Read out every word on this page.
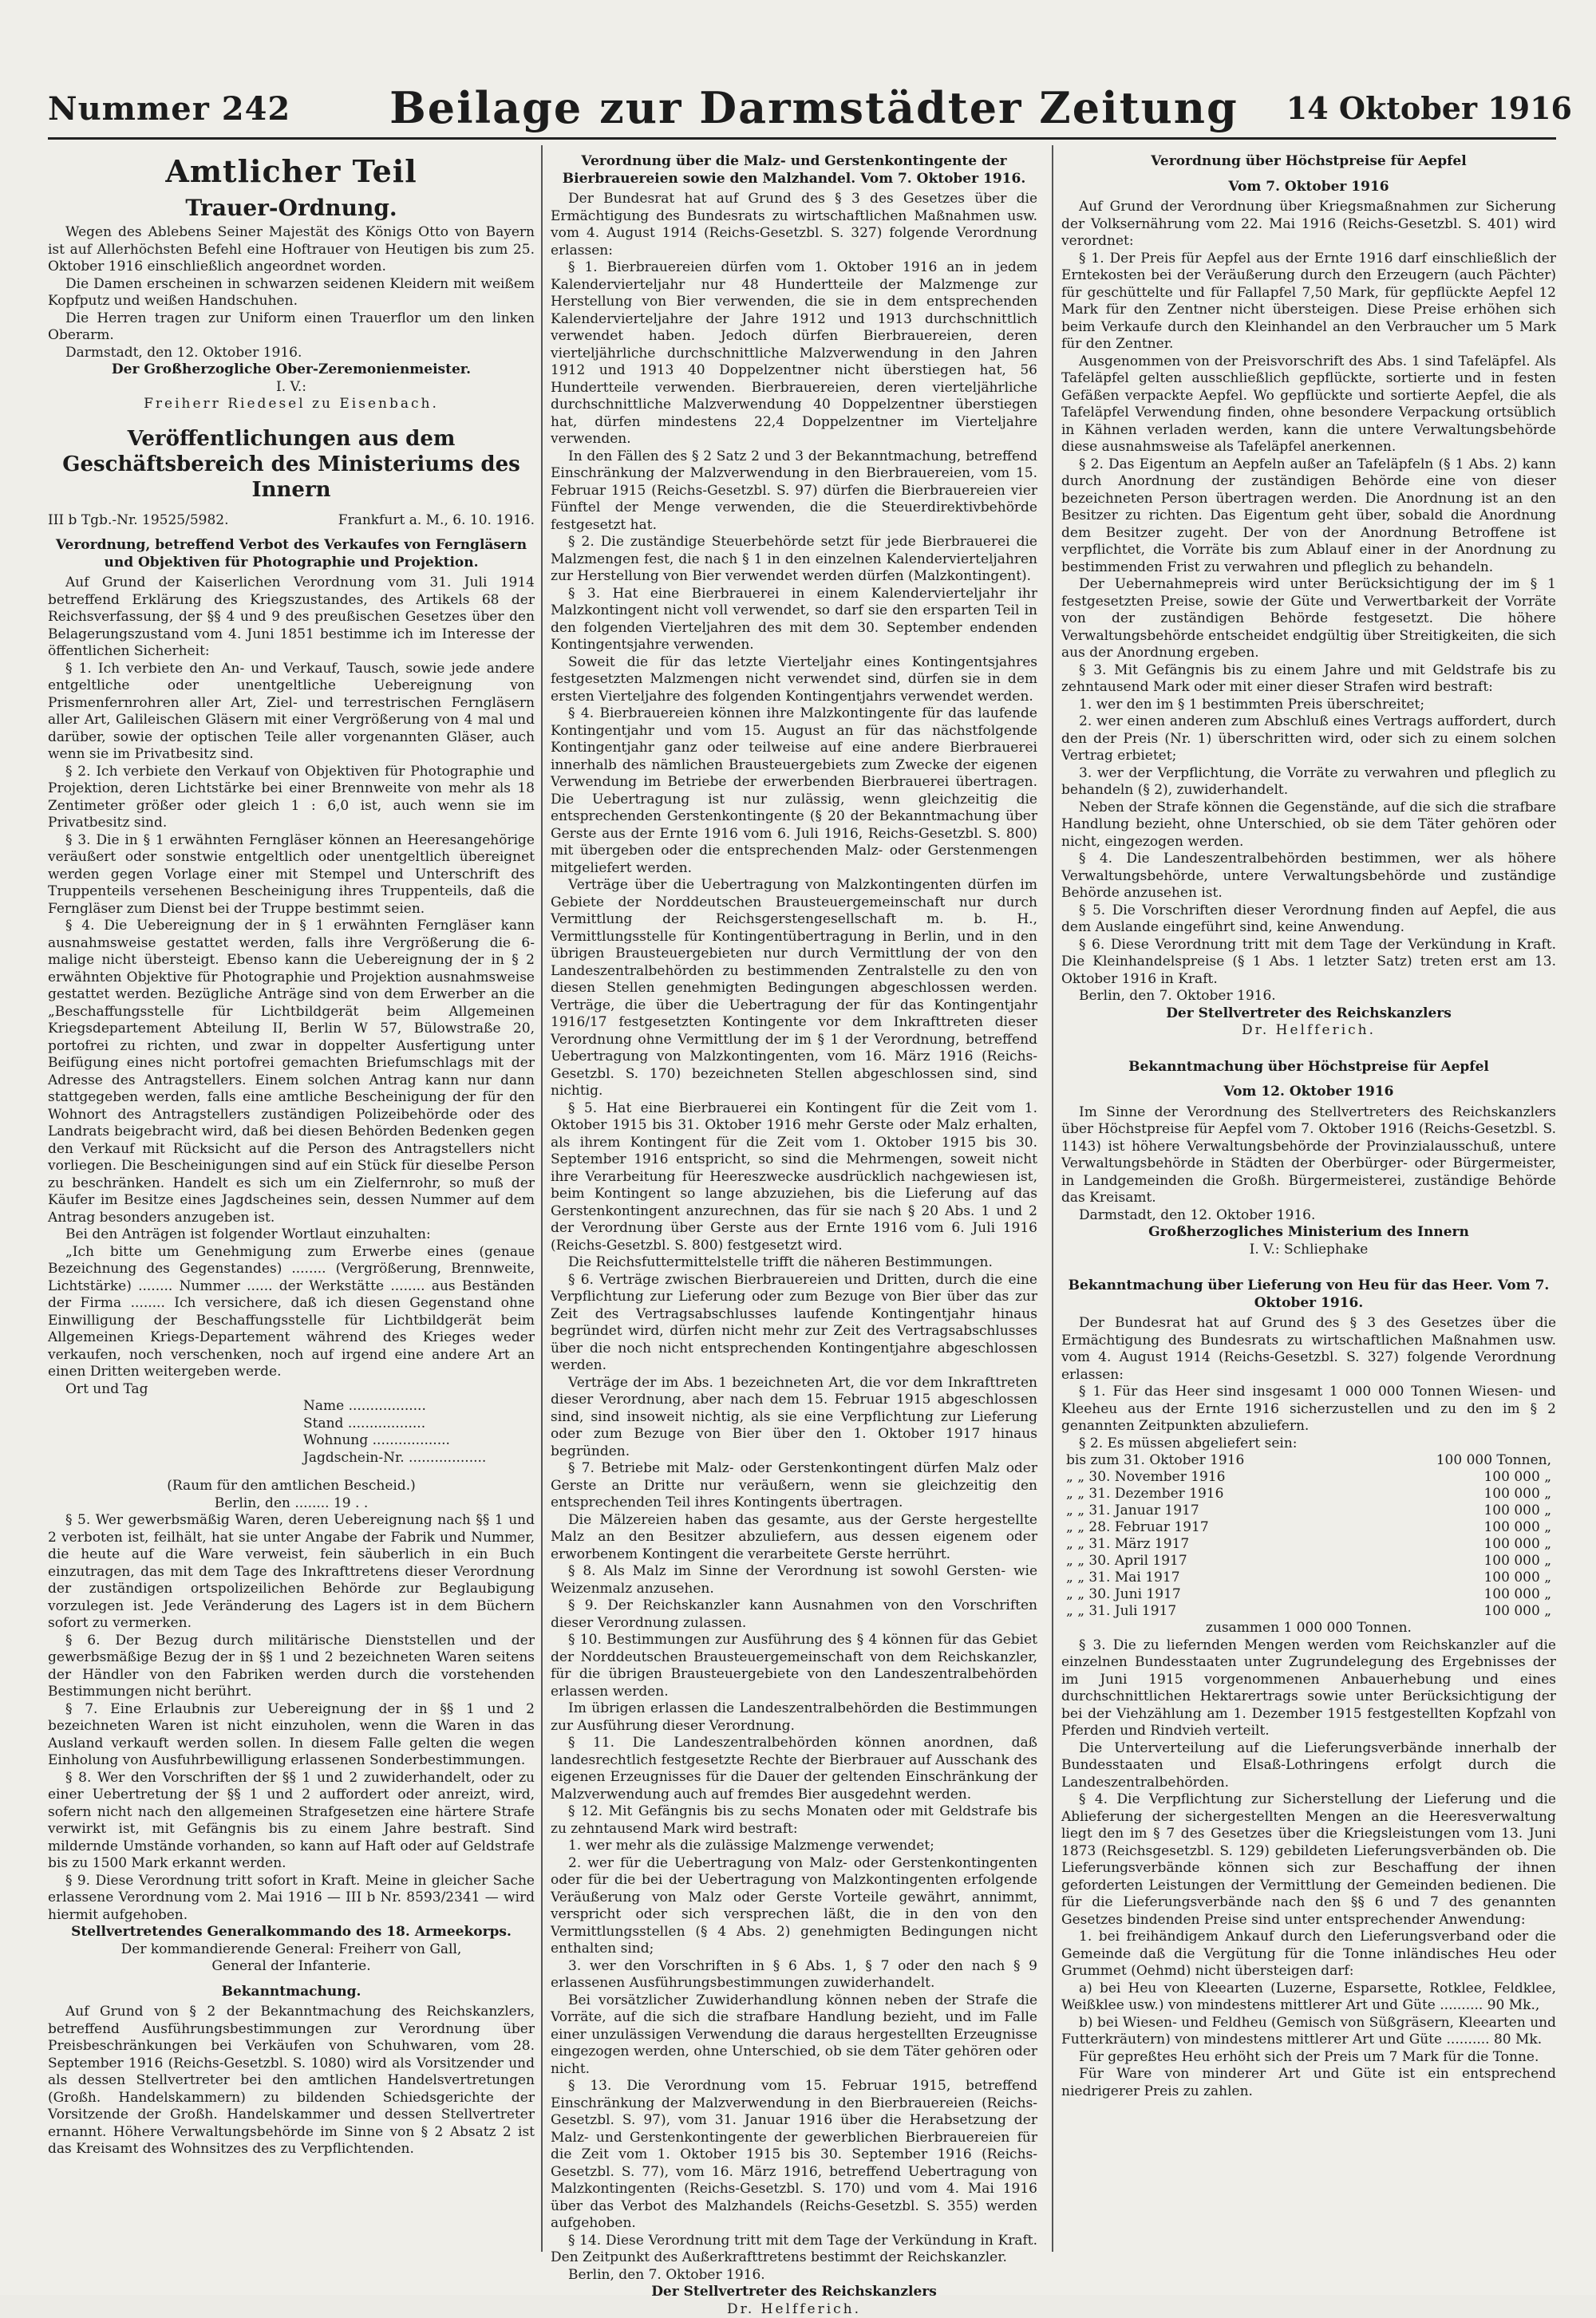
Nummer 242	Beilage zur Darmstädter Zeitung	14 Oktober 1916
Amtlicher Teil
Trauer-Ordnung.

Wegen des Ablebens Seiner Majestät des Königs Otto von Bayern ist auf Allerhöchsten Befehl eine Hoftrauer von Heutigen bis zum 25. Oktober 1916 einschließlich angeordnet worden.

Die Damen erscheinen in schwarzen seidenen Kleidern mit weißem Kopfputz und weißen Handschuhen.

Die Herren tragen zur Uniform einen Trauerflor um den linken Oberarm.

Darmstadt, den 12. Oktober 1916.

Der Großherzogliche Ober-Zeremonienmeister.

I. V.:

Freiherr Riedesel zu Eisenbach.

Veröffentlichungen aus dem Geschäftsbereich des Ministeriums des Innern
III b Tgb.-Nr. 19525/5982.	Frankfurt a. M., 6. 10. 1916.

Verordnung, betreffend Verbot des Verkaufes von Ferngläsern und Objektiven für Photographie und Projektion.

Auf Grund der Kaiserlichen Verordnung vom 31. Juli 1914 betreffend Erklärung des Kriegszustandes, des Artikels 68 der Reichsverfassung, der §§ 4 und 9 des preußischen Gesetzes über den Belagerungszustand vom 4. Juni 1851 bestimme ich im Interesse der öffentlichen Sicherheit:

§ 1. Ich verbiete den An- und Verkauf, Tausch, sowie jede andere entgeltliche oder unentgeltliche Uebereignung von Prismenfernrohren aller Art, Ziel- und terrestrischen Ferngläsern aller Art, Galileischen Gläsern mit einer Vergrößerung von 4 mal und darüber, sowie der optischen Teile aller vorgenannten Gläser, auch wenn sie im Privatbesitz sind.

§ 2. Ich verbiete den Verkauf von Objektiven für Photographie und Projektion, deren Lichtstärke bei einer Brennweite von mehr als 18 Zentimeter größer oder gleich 1 : 6,0 ist, auch wenn sie im Privatbesitz sind.

§ 3. Die in § 1 erwähnten Ferngläser können an Heeresangehörige veräußert oder sonstwie entgeltlich oder unentgeltlich übereignet werden gegen Vorlage einer mit Stempel und Unterschrift des Truppenteils versehenen Bescheinigung ihres Truppenteils, daß die Ferngläser zum Dienst bei der Truppe bestimmt seien.

§ 4. Die Uebereignung der in § 1 erwähnten Ferngläser kann ausnahmsweise gestattet werden, falls ihre Vergrößerung die 6-malige nicht übersteigt. Ebenso kann die Uebereignung der in § 2 erwähnten Objektive für Photographie und Projektion ausnahmsweise gestattet werden. Bezügliche Anträge sind von dem Erwerber an die „Beschaffungsstelle für Lichtbildgerät beim Allgemeinen Kriegsdepartement Abteilung II, Berlin W 57, Bülowstraße 20, portofrei zu richten, und zwar in doppelter Ausfertigung unter Beifügung eines nicht portofrei gemachten Briefumschlags mit der Adresse des Antragstellers. Einem solchen Antrag kann nur dann stattgegeben werden, falls eine amtliche Bescheinigung der für den Wohnort des Antragstellers zuständigen Polizeibehörde oder des Landrats beigebracht wird, daß bei diesen Behörden Bedenken gegen den Verkauf mit Rücksicht auf die Person des Antragstellers nicht vorliegen. Die Bescheinigungen sind auf ein Stück für dieselbe Person zu beschränken. Handelt es sich um ein Zielfernrohr, so muß der Käufer im Besitze eines Jagdscheines sein, dessen Nummer auf dem Antrag besonders anzugeben ist.

Bei den Anträgen ist folgender Wortlaut einzuhalten:

„Ich bitte um Genehmigung zum Erwerbe eines (genaue Bezeichnung des Gegenstandes) ........ (Vergrößerung, Brennweite, Lichtstärke) ........ Nummer ...... der Werkstätte ........ aus Beständen der Firma ........ Ich versichere, daß ich diesen Gegenstand ohne Einwilligung der Beschaffungsstelle für Lichtbildgerät beim Allgemeinen Kriegs-Departement während des Krieges weder verkaufen, noch verschenken, noch auf irgend eine andere Art an einen Dritten weitergeben werde.

Ort und Tag

Name ..................

Stand ..................

Wohnung ..................

Jagdschein-Nr. ..................

(Raum für den amtlichen Bescheid.)

Berlin, den ........ 19 . .

§ 5. Wer gewerbsmäßig Waren, deren Uebereignung nach §§ 1 und 2 verboten ist, feilhält, hat sie unter Angabe der Fabrik und Nummer, die heute auf die Ware verweist, fein säuberlich in ein Buch einzutragen, das mit dem Tage des Inkrafttretens dieser Verordnung der zuständigen ortspolizeilichen Behörde zur Beglaubigung vorzulegen ist. Jede Veränderung des Lagers ist in dem Büchern sofort zu vermerken.

§ 6. Der Bezug durch militärische Dienststellen und der gewerbsmäßige Bezug der in §§ 1 und 2 bezeichneten Waren seitens der Händler von den Fabriken werden durch die vorstehenden Bestimmungen nicht berührt.

§ 7. Eine Erlaubnis zur Uebereignung der in §§ 1 und 2 bezeichneten Waren ist nicht einzuholen, wenn die Waren in das Ausland verkauft werden sollen. In diesem Falle gelten die wegen Einholung von Ausfuhrbewilligung erlassenen Sonderbestimmungen.

§ 8. Wer den Vorschriften der §§ 1 und 2 zuwiderhandelt, oder zu einer Uebertretung der §§ 1 und 2 auffordert oder anreizt, wird, sofern nicht nach den allgemeinen Strafgesetzen eine härtere Strafe verwirkt ist, mit Gefängnis bis zu einem Jahre bestraft. Sind mildernde Umstände vorhanden, so kann auf Haft oder auf Geldstrafe bis zu 1500 Mark erkannt werden.

§ 9. Diese Verordnung tritt sofort in Kraft. Meine in gleicher Sache erlassene Verordnung vom 2. Mai 1916 — III b Nr. 8593/2341 — wird hiermit aufgehoben.

Stellvertretendes Generalkommando des 18. Armeekorps.

Der kommandierende General: Freiherr von Gall,

General der Infanterie.

Bekanntmachung.

Auf Grund von § 2 der Bekanntmachung des Reichskanzlers, betreffend Ausführungsbestimmungen zur Verordnung über Preisbeschränkungen bei Verkäufen von Schuhwaren, vom 28. September 1916 (Reichs-Gesetzbl. S. 1080) wird als Vorsitzender und als dessen Stellvertreter bei den amtlichen Handelsvertretungen (Großh. Handelskammern) zu bildenden Schiedsgerichte der Vorsitzende der Großh. Handelskammer und dessen Stellvertreter ernannt. Höhere Verwaltungsbehörde im Sinne von § 2 Absatz 2 ist das Kreisamt des Wohnsitzes des zu Verpflichtenden.

Verordnung über die Malz- und Gerstenkontingente der Bierbrauereien sowie den Malzhandel. Vom 7. Oktober 1916.

Der Bundesrat hat auf Grund des § 3 des Gesetzes über die Ermächtigung des Bundesrats zu wirtschaftlichen Maßnahmen usw. vom 4. August 1914 (Reichs-Gesetzbl. S. 327) folgende Verordnung erlassen:

§ 1. Bierbrauereien dürfen vom 1. Oktober 1916 an in jedem Kalendervierteljahr nur 48 Hundertteile der Malzmenge zur Herstellung von Bier verwenden, die sie in dem entsprechenden Kalendervierteljahre der Jahre 1912 und 1913 durchschnittlich verwendet haben. Jedoch dürfen Bierbrauereien, deren vierteljährliche durchschnittliche Malzverwendung in den Jahren 1912 und 1913 40 Doppelzentner nicht überstiegen hat, 56 Hundertteile verwenden. Bierbrauereien, deren vierteljährliche durchschnittliche Malzverwendung 40 Doppelzentner überstiegen hat, dürfen mindestens 22,4 Doppelzentner im Vierteljahre verwenden.

In den Fällen des § 2 Satz 2 und 3 der Bekanntmachung, betreffend Einschränkung der Malzverwendung in den Bierbrauereien, vom 15. Februar 1915 (Reichs-Gesetzbl. S. 97) dürfen die Bierbrauereien vier Fünftel der Menge verwenden, die die Steuerdirektivbehörde festgesetzt hat.

§ 2. Die zuständige Steuerbehörde setzt für jede Bierbrauerei die Malzmengen fest, die nach § 1 in den einzelnen Kalendervierteljahren zur Herstellung von Bier verwendet werden dürfen (Malzkontingent).

§ 3. Hat eine Bierbrauerei in einem Kalendervierteljahr ihr Malzkontingent nicht voll verwendet, so darf sie den ersparten Teil in den folgenden Vierteljahren des mit dem 30. September endenden Kontingentsjahre verwenden.

Soweit die für das letzte Vierteljahr eines Kontingentsjahres festgesetzten Malzmengen nicht verwendet sind, dürfen sie in dem ersten Vierteljahre des folgenden Kontingentjahrs verwendet werden.

§ 4. Bierbrauereien können ihre Malzkontingente für das laufende Kontingentjahr und vom 15. August an für das nächstfolgende Kontingentjahr ganz oder teilweise auf eine andere Bierbrauerei innerhalb des nämlichen Brausteuergebiets zum Zwecke der eigenen Verwendung im Betriebe der erwerbenden Bierbrauerei übertragen. Die Uebertragung ist nur zulässig, wenn gleichzeitig die entsprechenden Gerstenkontingente (§ 20 der Bekanntmachung über Gerste aus der Ernte 1916 vom 6. Juli 1916, Reichs-Gesetzbl. S. 800) mit übergeben oder die entsprechenden Malz- oder Gerstenmengen mitgeliefert werden.

Verträge über die Uebertragung von Malzkontingenten dürfen im Gebiete der Norddeutschen Brausteuergemeinschaft nur durch Vermittlung der Reichsgerstengesellschaft m. b. H., Vermittlungsstelle für Kontingentübertragung in Berlin, und in den übrigen Brausteuergebieten nur durch Vermittlung der von den Landeszentralbehörden zu bestimmenden Zentralstelle zu den von diesen Stellen genehmigten Bedingungen abgeschlossen werden. Verträge, die über die Uebertragung der für das Kontingentjahr 1916/17 festgesetzten Kontingente vor dem Inkrafttreten dieser Verordnung ohne Vermittlung der im § 1 der Verordnung, betreffend Uebertragung von Malzkontingenten, vom 16. März 1916 (Reichs-Gesetzbl. S. 170) bezeichneten Stellen abgeschlossen sind, sind nichtig.

§ 5. Hat eine Bierbrauerei ein Kontingent für die Zeit vom 1. Oktober 1915 bis 31. Oktober 1916 mehr Gerste oder Malz erhalten, als ihrem Kontingent für die Zeit vom 1. Oktober 1915 bis 30. September 1916 entspricht, so sind die Mehrmengen, soweit nicht ihre Verarbeitung für Heereszwecke ausdrücklich nachgewiesen ist, beim Kontingent so lange abzuziehen, bis die Lieferung auf das Gerstenkontingent anzurechnen, das für sie nach § 20 Abs. 1 und 2 der Verordnung über Gerste aus der Ernte 1916 vom 6. Juli 1916 (Reichs-Gesetzbl. S. 800) festgesetzt wird.

Die Reichsfuttermittelstelle trifft die näheren Bestimmungen.

§ 6. Verträge zwischen Bierbrauereien und Dritten, durch die eine Verpflichtung zur Lieferung oder zum Bezuge von Bier über das zur Zeit des Vertragsabschlusses laufende Kontingentjahr hinaus begründet wird, dürfen nicht mehr zur Zeit des Vertragsabschlusses über die noch nicht entsprechenden Kontingentjahre abgeschlossen werden.

Verträge der im Abs. 1 bezeichneten Art, die vor dem Inkrafttreten dieser Verordnung, aber nach dem 15. Februar 1915 abgeschlossen sind, sind insoweit nichtig, als sie eine Verpflichtung zur Lieferung oder zum Bezuge von Bier über den 1. Oktober 1917 hinaus begründen.

§ 7. Betriebe mit Malz- oder Gerstenkontingent dürfen Malz oder Gerste an Dritte nur veräußern, wenn sie gleichzeitig den entsprechenden Teil ihres Kontingents übertragen.

Die Mälzereien haben das gesamte, aus der Gerste hergestellte Malz an den Besitzer abzuliefern, aus dessen eigenem oder erworbenem Kontingent die verarbeitete Gerste herrührt.

§ 8. Als Malz im Sinne der Verordnung ist sowohl Gersten- wie Weizenmalz anzusehen.

§ 9. Der Reichskanzler kann Ausnahmen von den Vorschriften dieser Verordnung zulassen.

§ 10. Bestimmungen zur Ausführung des § 4 können für das Gebiet der Norddeutschen Brausteuergemeinschaft von dem Reichskanzler, für die übrigen Brausteuergebiete von den Landeszentralbehörden erlassen werden.

Im übrigen erlassen die Landeszentralbehörden die Bestimmungen zur Ausführung dieser Verordnung.

§ 11. Die Landeszentralbehörden können anordnen, daß landesrechtlich festgesetzte Rechte der Bierbrauer auf Ausschank des eigenen Erzeugnisses für die Dauer der geltenden Einschränkung der Malzverwendung auch auf fremdes Bier ausgedehnt werden.

§ 12. Mit Gefängnis bis zu sechs Monaten oder mit Geldstrafe bis zu zehntausend Mark wird bestraft:

1. wer mehr als die zulässige Malzmenge verwendet;

2. wer für die Uebertragung von Malz- oder Gerstenkontingenten oder für die bei der Uebertragung von Malzkontingenten erfolgende Veräußerung von Malz oder Gerste Vorteile gewährt, annimmt, verspricht oder sich versprechen läßt, die in den von den Vermittlungsstellen (§ 4 Abs. 2) genehmigten Bedingungen nicht enthalten sind;

3. wer den Vorschriften in § 6 Abs. 1, § 7 oder den nach § 9 erlassenen Ausführungsbestimmungen zuwiderhandelt.

Bei vorsätzlicher Zuwiderhandlung können neben der Strafe die Vorräte, auf die sich die strafbare Handlung bezieht, und im Falle einer unzulässigen Verwendung die daraus hergestellten Erzeugnisse eingezogen werden, ohne Unterschied, ob sie dem Täter gehören oder nicht.

§ 13. Die Verordnung vom 15. Februar 1915, betreffend Einschränkung der Malzverwendung in den Bierbrauereien (Reichs-Gesetzbl. S. 97), vom 31. Januar 1916 über die Herabsetzung der Malz- und Gerstenkontingente der gewerblichen Bierbrauereien für die Zeit vom 1. Oktober 1915 bis 30. September 1916 (Reichs-Gesetzbl. S. 77), vom 16. März 1916, betreffend Uebertragung von Malzkontingenten (Reichs-Gesetzbl. S. 170) und vom 4. Mai 1916 über das Verbot des Malzhandels (Reichs-Gesetzbl. S. 355) werden aufgehoben.

§ 14. Diese Verordnung tritt mit dem Tage der Verkündung in Kraft. Den Zeitpunkt des Außerkrafttretens bestimmt der Reichskanzler.

Berlin, den 7. Oktober 1916.

Der Stellvertreter des Reichskanzlers

Dr. Helfferich.

Verordnung über Höchstpreise für Aepfel

Vom 7. Oktober 1916

Auf Grund der Verordnung über Kriegsmaßnahmen zur Sicherung der Volksernährung vom 22. Mai 1916 (Reichs-Gesetzbl. S. 401) wird verordnet:

§ 1. Der Preis für Aepfel aus der Ernte 1916 darf einschließlich der Erntekosten bei der Veräußerung durch den Erzeugern (auch Pächter) für geschüttelte und für Fallapfel 7,50 Mark, für gepflückte Aepfel 12 Mark für den Zentner nicht übersteigen. Diese Preise erhöhen sich beim Verkaufe durch den Kleinhandel an den Verbraucher um 5 Mark für den Zentner.

Ausgenommen von der Preisvorschrift des Abs. 1 sind Tafeläpfel. Als Tafeläpfel gelten ausschließlich gepflückte, sortierte und in festen Gefäßen verpackte Aepfel. Wo gepflückte und sortierte Aepfel, die als Tafeläpfel Verwendung finden, ohne besondere Verpackung ortsüblich in Kähnen verladen werden, kann die untere Verwaltungsbehörde diese ausnahmsweise als Tafeläpfel anerkennen.

§ 2. Das Eigentum an Aepfeln außer an Tafeläpfeln (§ 1 Abs. 2) kann durch Anordnung der zuständigen Behörde eine von dieser bezeichneten Person übertragen werden. Die Anordnung ist an den Besitzer zu richten. Das Eigentum geht über, sobald die Anordnung dem Besitzer zugeht. Der von der Anordnung Betroffene ist verpflichtet, die Vorräte bis zum Ablauf einer in der Anordnung zu bestimmenden Frist zu verwahren und pfleglich zu behandeln.

Der Uebernahmepreis wird unter Berücksichtigung der im § 1 festgesetzten Preise, sowie der Güte und Verwertbarkeit der Vorräte von der zuständigen Behörde festgesetzt. Die höhere Verwaltungsbehörde entscheidet endgültig über Streitigkeiten, die sich aus der Anordnung ergeben.

§ 3. Mit Gefängnis bis zu einem Jahre und mit Geldstrafe bis zu zehntausend Mark oder mit einer dieser Strafen wird bestraft:

1. wer den im § 1 bestimmten Preis überschreitet;

2. wer einen anderen zum Abschluß eines Vertrags auffordert, durch den der Preis (Nr. 1) überschritten wird, oder sich zu einem solchen Vertrag erbietet;

3. wer der Verpflichtung, die Vorräte zu verwahren und pfleglich zu behandeln (§ 2), zuwiderhandelt.

Neben der Strafe können die Gegenstände, auf die sich die strafbare Handlung bezieht, ohne Unterschied, ob sie dem Täter gehören oder nicht, eingezogen werden.

§ 4. Die Landeszentralbehörden bestimmen, wer als höhere Verwaltungsbehörde, untere Verwaltungsbehörde und zuständige Behörde anzusehen ist.

§ 5. Die Vorschriften dieser Verordnung finden auf Aepfel, die aus dem Auslande eingeführt sind, keine Anwendung.

§ 6. Diese Verordnung tritt mit dem Tage der Verkündung in Kraft. Die Kleinhandelspreise (§ 1 Abs. 1 letzter Satz) treten erst am 13. Oktober 1916 in Kraft.

Berlin, den 7. Oktober 1916.

Der Stellvertreter des Reichskanzlers

Dr. Helfferich.

Bekanntmachung über Höchstpreise für Aepfel

Vom 12. Oktober 1916

Im Sinne der Verordnung des Stellvertreters des Reichskanzlers über Höchstpreise für Aepfel vom 7. Oktober 1916 (Reichs-Gesetzbl. S. 1143) ist höhere Verwaltungsbehörde der Provinzialausschuß, untere Verwaltungsbehörde in Städten der Oberbürger- oder Bürgermeister, in Landgemeinden die Großh. Bürgermeisterei, zuständige Behörde das Kreisamt.

Darmstadt, den 12. Oktober 1916.

Großherzogliches Ministerium des Innern

I. V.: Schliephake

Bekanntmachung über Lieferung von Heu für das Heer. Vom 7. Oktober 1916.

Der Bundesrat hat auf Grund des § 3 des Gesetzes über die Ermächtigung des Bundesrats zu wirtschaftlichen Maßnahmen usw. vom 4. August 1914 (Reichs-Gesetzbl. S. 327) folgende Verordnung erlassen:

§ 1. Für das Heer sind insgesamt 1 000 000 Tonnen Wiesen- und Kleeheu aus der Ernte 1916 sicherzustellen und zu den im § 2 genannten Zeitpunkten abzuliefern.

§ 2. Es müssen abgeliefert sein:

bis zum 31. Oktober 1916	100 000 Tonnen,
„ „ 30. November 1916	100 000 „
„ „ 31. Dezember 1916	100 000 „
„ „ 31. Januar 1917	100 000 „
„ „ 28. Februar 1917	100 000 „
„ „ 31. März 1917	100 000 „
„ „ 30. April 1917	100 000 „
„ „ 31. Mai 1917	100 000 „
„ „ 30. Juni 1917	100 000 „
„ „ 31. Juli 1917	100 000 „

zusammen 1 000 000 Tonnen.

§ 3. Die zu liefernden Mengen werden vom Reichskanzler auf die einzelnen Bundesstaaten unter Zugrundelegung des Ergebnisses der im Juni 1915 vorgenommenen Anbauerhebung und eines durchschnittlichen Hektarertrags sowie unter Berücksichtigung der bei der Viehzählung am 1. Dezember 1915 festgestellten Kopfzahl von Pferden und Rindvieh verteilt.

Die Unterverteilung auf die Lieferungsverbände innerhalb der Bundesstaaten und Elsaß-Lothringens erfolgt durch die Landeszentralbehörden.

§ 4. Die Verpflichtung zur Sicherstellung der Lieferung und die Ablieferung der sichergestellten Mengen an die Heeresverwaltung liegt den im § 7 des Gesetzes über die Kriegsleistungen vom 13. Juni 1873 (Reichsgesetzbl. S. 129) gebildeten Lieferungsverbänden ob. Die Lieferungsverbände können sich zur Beschaffung der ihnen geforderten Leistungen der Vermittlung der Gemeinden bedienen. Die für die Lieferungsverbände nach den §§ 6 und 7 des genannten Gesetzes bindenden Preise sind unter entsprechender Anwendung:

1. bei freihändigem Ankauf durch den Lieferungsverband oder die Gemeinde daß die Vergütung für die Tonne inländisches Heu oder Grummet (Oehmd) nicht übersteigen darf:

a) bei Heu von Kleearten (Luzerne, Esparsette, Rotklee, Feldklee, Weißklee usw.) von mindestens mittlerer Art und Güte .......... 90 Mk.,

b) bei Wiesen- und Feldheu (Gemisch von Süßgräsern, Kleearten und Futterkräutern) von mindestens mittlerer Art und Güte .......... 80 Mk.

Für gepreßtes Heu erhöht sich der Preis um 7 Mark für die Tonne.

Für Ware von minderer Art und Güte ist ein entsprechend niedrigerer Preis zu zahlen.
